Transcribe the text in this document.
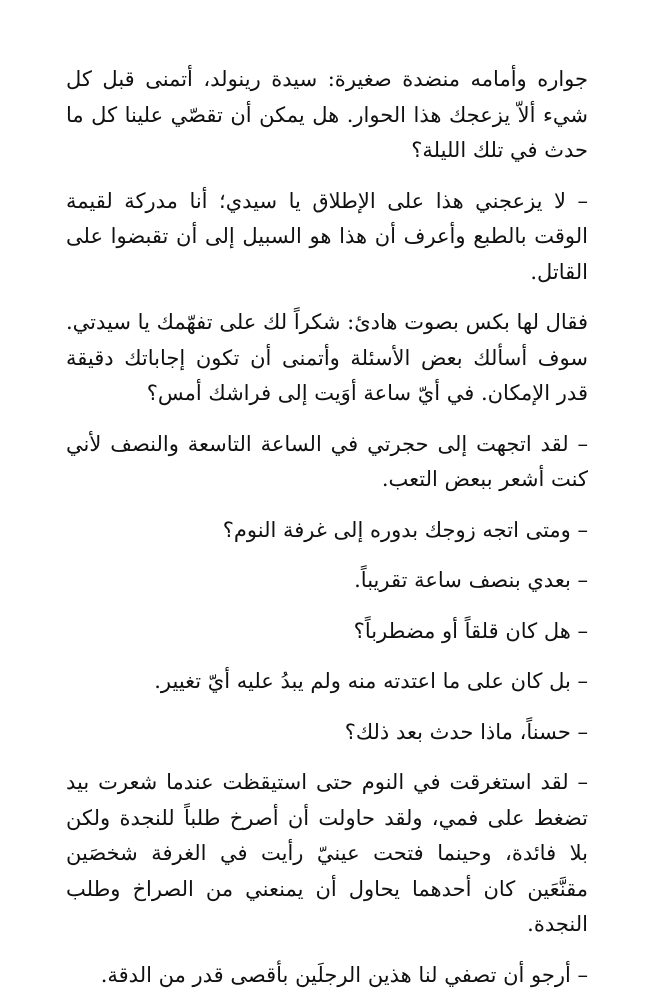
جواره وأمامه منضدة صغيرة: سيدة رينولد، أتمنى قبل كل شيء ألاّ يزعجك هذا الحوار. هل يمكن أن تقصّي علينا كل ما حدث في تلك الليلة؟

– لا يزعجني هذا على الإطلاق يا سيدي؛ أنا مدركة لقيمة الوقت بالطبع وأعرف أن هذا هو السبيل إلى أن تقبضوا على القاتل.

فقال لها بكس بصوت هادئ: شكراً لك على تفهّمك يا سيدتي. سوف أسألك بعض الأسئلة وأتمنى أن تكون إجاباتك دقيقة قدر الإمكان. في أيّ ساعة أوَيت إلى فراشك أمس؟

– لقد اتجهت إلى حجرتي في الساعة التاسعة والنصف لأني كنت أشعر ببعض التعب.

– ومتى اتجه زوجك بدوره إلى غرفة النوم؟

– بعدي بنصف ساعة تقريباً.

– هل كان قلقاً أو مضطرباً؟

– بل كان على ما اعتدته منه ولم يبدُ عليه أيّ تغيير.

– حسناً، ماذا حدث بعد ذلك؟

– لقد استغرقت في النوم حتى استيقظت عندما شعرت بيد تضغط على فمي، ولقد حاولت أن أصرخ طلباً للنجدة ولكن بلا فائدة، وحينما فتحت عينيّ رأيت في الغرفة شخصَين مقنَّعَين كان أحدهما يحاول أن يمنعني من الصراخ وطلب النجدة.

– أرجو أن تصفي لنا هذين الرجلَين بأقصى قدر من الدقة.
